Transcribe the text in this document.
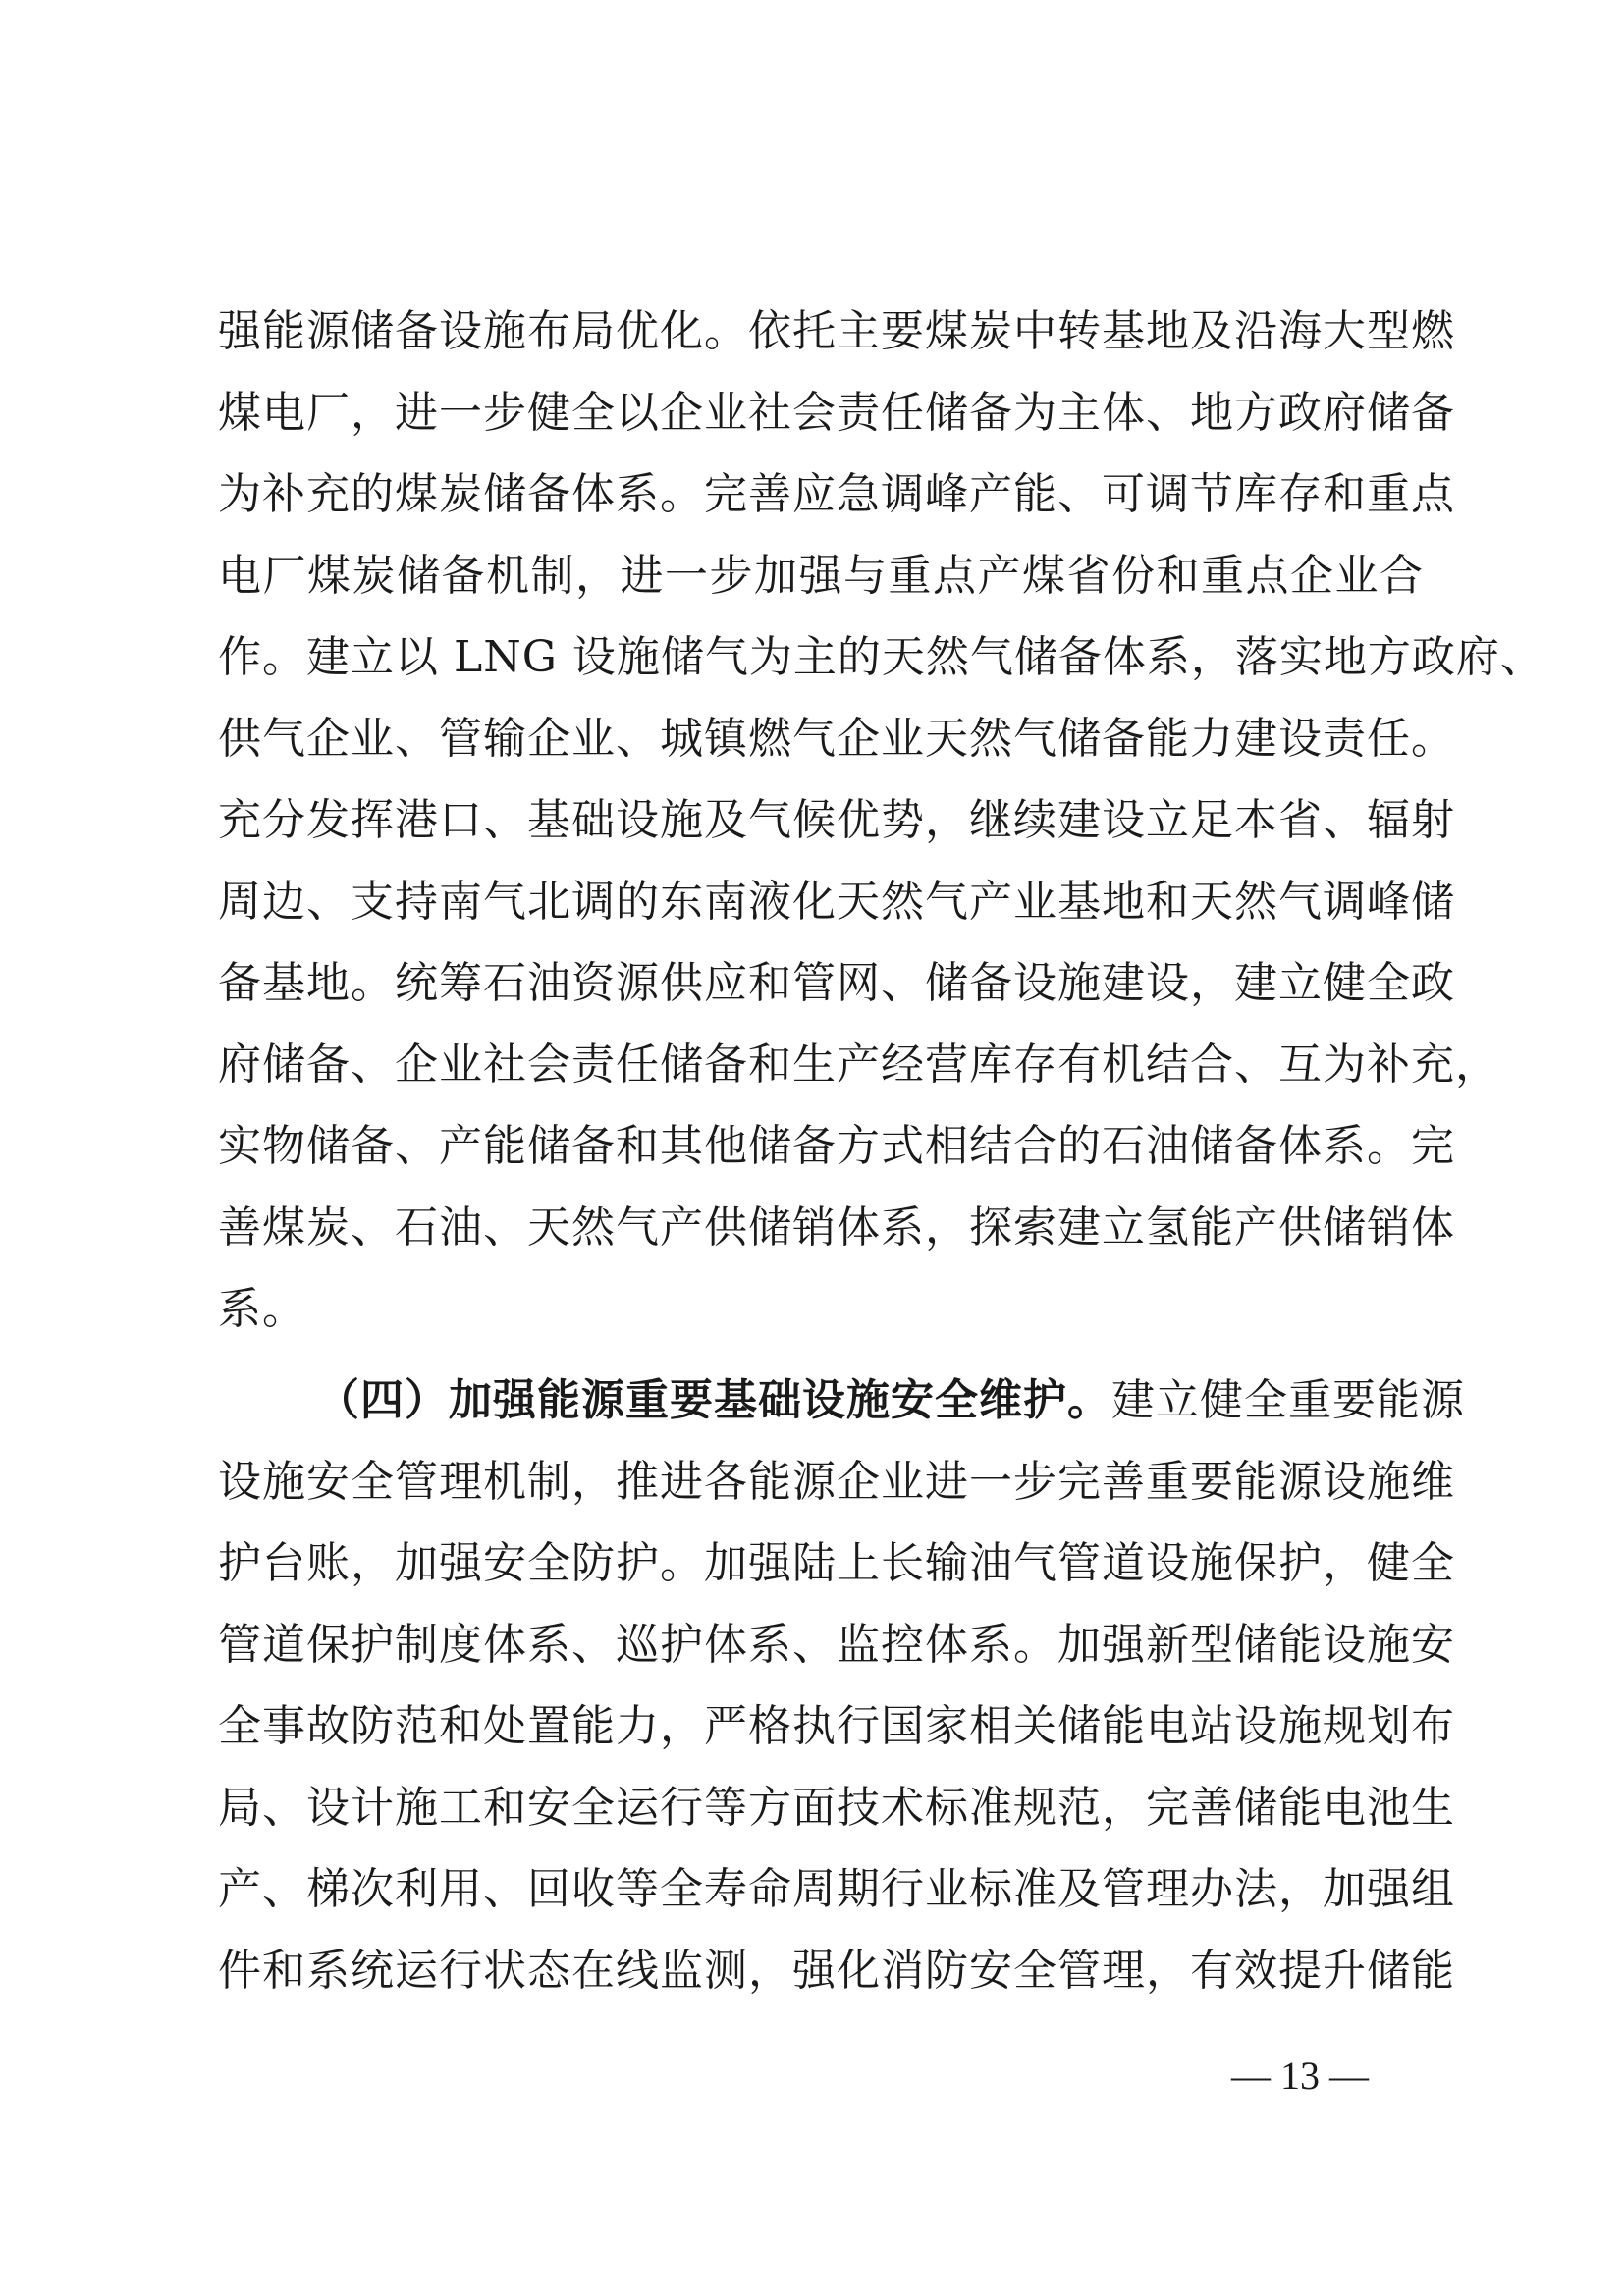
强能源储备设施布局优化。依托主要煤炭中转基地及沿海大型燃
煤电厂，进一步健全以企业社会责任储备为主体、地方政府储备
为补充的煤炭储备体系。完善应急调峰产能、可调节库存和重点
电厂煤炭储备机制，进一步加强与重点产煤省份和重点企业合
作。建立以 LNG 设施储气为主的天然气储备体系，落实地方政府、
供气企业、管输企业、城镇燃气企业天然气储备能力建设责任。
充分发挥港口、基础设施及气候优势，继续建设立足本省、辐射
周边、支持南气北调的东南液化天然气产业基地和天然气调峰储
备基地。统筹石油资源供应和管网、储备设施建设，建立健全政
府储备、企业社会责任储备和生产经营库存有机结合、互为补充，
实物储备、产能储备和其他储备方式相结合的石油储备体系。完
善煤炭、石油、天然气产供储销体系，探索建立氢能产供储销体
系。
（四）加强能源重要基础设施安全维护。建立健全重要能源
设施安全管理机制，推进各能源企业进一步完善重要能源设施维
护台账，加强安全防护。加强陆上长输油气管道设施保护，健全
管道保护制度体系、巡护体系、监控体系。加强新型储能设施安
全事故防范和处置能力，严格执行国家相关储能电站设施规划布
局、设计施工和安全运行等方面技术标准规范，完善储能电池生
产、梯次利用、回收等全寿命周期行业标准及管理办法，加强组
件和系统运行状态在线监测，强化消防安全管理，有效提升储能
— 13 —
